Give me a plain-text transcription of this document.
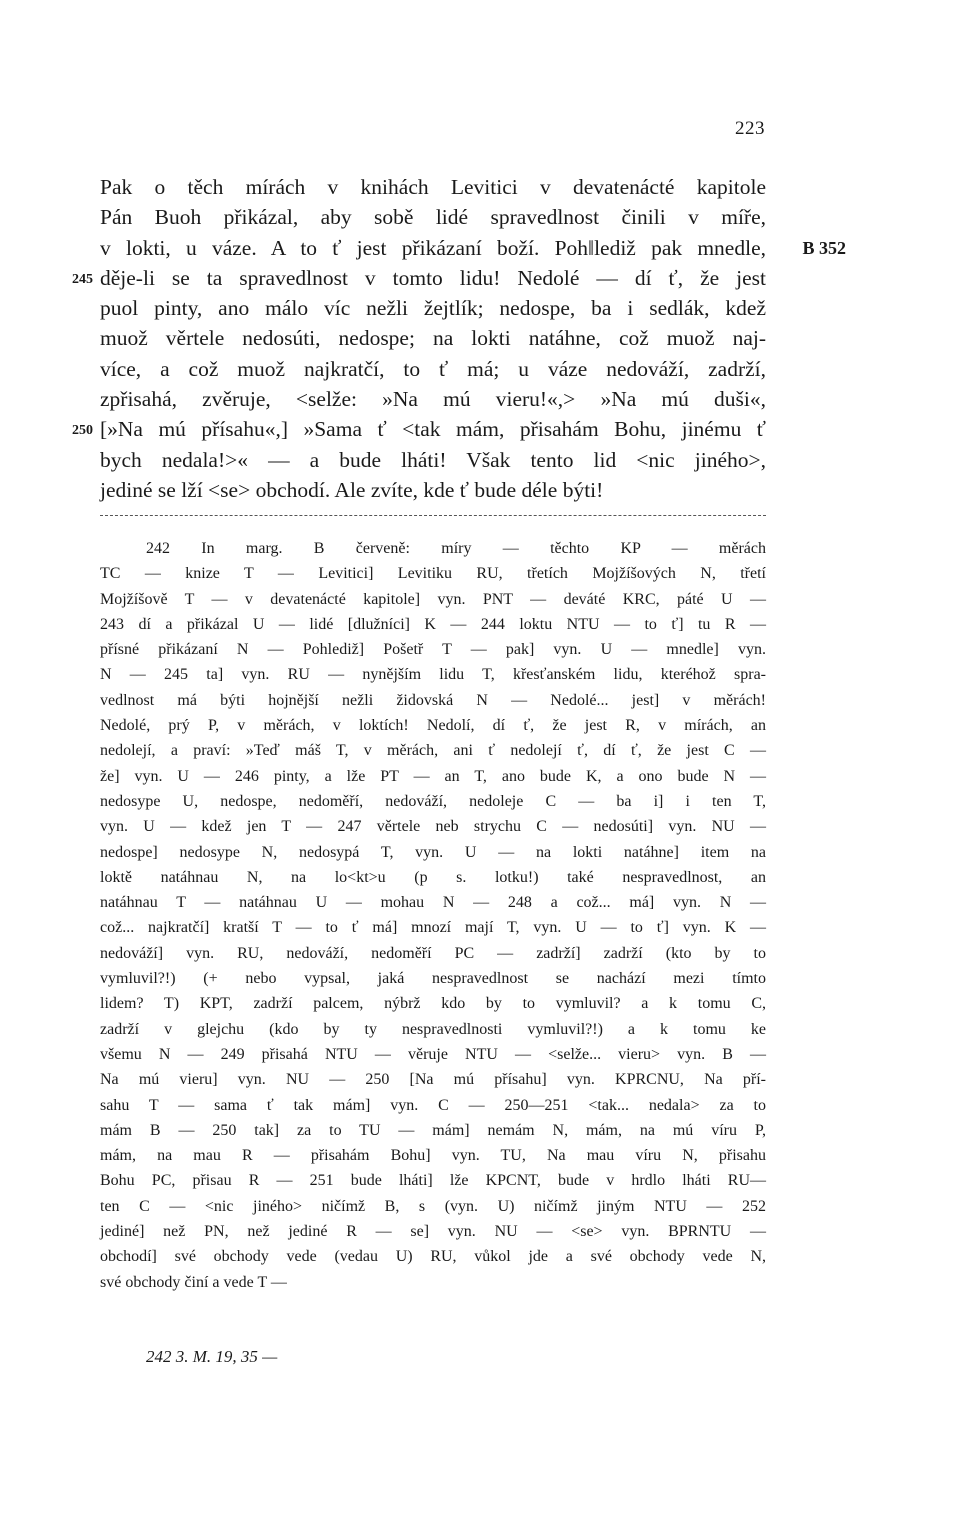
223
Pak o těch mírách v knihách Levitici v devatenácté kapitole
Pán Buoh přikázal, aby sobě lidé spravedlnost činili v míře,
v lokti, u váze. A to ť jest přikázaní boží. Poh‖lediž pak mnedle, B 352
245 děje-li se ta spravedlnost v tomto lidu! Nedolé — dí ť, že jest
puol pinty, ano málo víc nežli žejtlík; nedospe, ba i sedlák, kdež
muož věrtele nedosúti, nedospe; na lokti natáhne, což muož naj-
více, a což muož najkratčí, to ť má; u váze nedováží, zadrží,
zpřisahá, zvěruje, <selže: »Na mú vieru!«,> »Na mú duši«,
250 [»Na mú přísahu«,] »Sama ť <tak mám, přisahám Bohu, jinému ť
bych nedala!>« — a bude lháti! Však tento lid <nic jiného>,
jediné se lží <se> obchodí. Ale zvíte, kde ť bude déle býti!
242 In marg. B červeně: míry — těchto KP — měrách
TC — knize T — Levitici] Levitiku RU, třetích Mojžíšových N, třetí
Mojžíšově T — v devatenácté kapitole] vyn. PNT — deváté KRC, páté U —
243 dí a přikázal U — lidé [dlužníci] K — 244 loktu NTU — to ť] tu R —
přísné přikázaní N — Pohlediž] Pošetř T — pak] vyn. U — mnedle] vyn.
N — 245 ta] vyn. RU — nynějším lidu T, křesťanském lidu, kteréhož spra-
vedlnost má býti hojnější nežli židovská N — Nedolé... jest] v měrách!
Nedolé, prý P, v měrách, v loktích! Nedolí, dí ť, že jest R, v mírách, an
nedolejí, a praví: »Teď máš T, v měrách, ani ť nedolejí ť, dí ť, že jest C —
že] vyn. U — 246 pinty, a lže PT — an T, ano bude K, a ono bude N —
nedosype U, nedospe, nedoměří, nedováží, nedoleje C — ba i] i ten T,
vyn. U — kdež jen T — 247 věrtele neb strychu C — nedosúti] vyn. NU —
nedospe] nedosype N, nedosypá T, vyn. U — na lokti natáhne] item na
loktě natáhnau N, na lo<kt>u (p s. lotku!) také nespravedlnost, an
natáhnau T — natáhnau U — mohau N — 248 a což... má] vyn. N —
což... najkratčí] kratší T — to ť má] mnozí mají T, vyn. U — to ť] vyn. K —
nedováží] vyn. RU, nedováží, nedoměří PC — zadrží] zadrží (kto by to
vymluvil?!) (+ nebo vypsal, jaká nespravedlnost se nachází mezi tímto
lidem? T) KPT, zadrží palcem, nýbrž kdo by to vymluvil? a k tomu C,
zadrží v glejchu (kdo by ty nespravedlnosti vymluvil?!) a k tomu ke
všemu N — 249 přisahá NTU — věruje NTU — <selže... vieru> vyn. B —
Na mú vieru] vyn. NU — 250 [Na mú přísahu] vyn. KPRCNU, Na pří-
sahu T — sama ť tak mám] vyn. C — 250—251 <tak... nedala> za to
mám B — 250 tak] za to TU — mám] nemám N, mám, na mú víru P,
mám, na mau R — přisahám Bohu] vyn. TU, Na mau víru N, přisahu
Bohu PC, přisau R — 251 bude lháti] lže KPCNT, bude v hrdlo lháti RU—
ten C — <nic jiného> ničímž B, s (vyn. U) ničímž jiným NTU — 252
jediné] než PN, než jediné R — se] vyn. NU — <se> vyn. BPRNTU —
obchodí] své obchody vede (vedau U) RU, vůkol jde a své obchody vede N,
své obchody činí a vede T —
242 3. M. 19, 35 —
